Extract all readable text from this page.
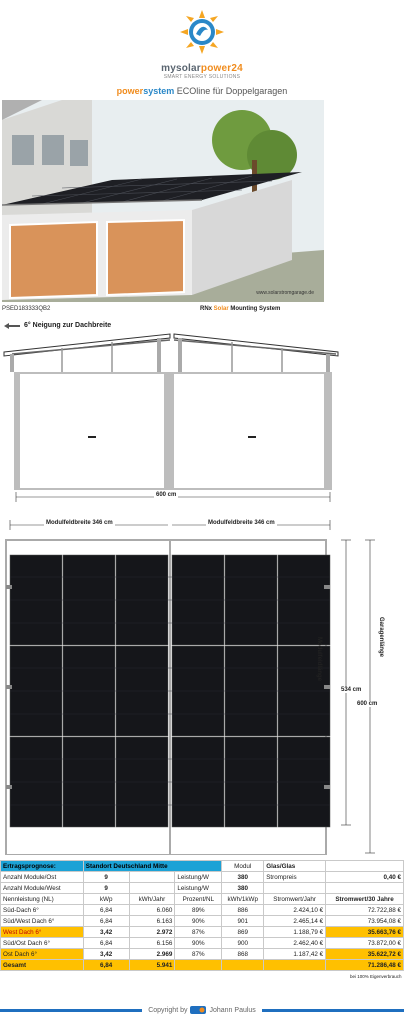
mysolarpower24
SMART ENERGY SOLUTIONS
powersystem ECOline für Doppelgaragen
www.solarstromgarage.de
PSED183333QB2	RNx Solar Mounting System
6° Neigung zur Dachbreite
600 cm
Modulfeldbreite 346 cm	Modulfeldbreite 346 cm
Modulfeldlänge
534 cm
Garagenlänge
600 cm
Ertragsprognose:	Standort Deutschland Mitte			Modul	Glas/Glas	
Anzahl Module/Ost	9		Leistung/W	380	Strompreis	0,40 €
Anzahl Module/West	9		Leistung/W	380		
Nennleistung (NL)	kWp	kWh/Jahr	Prozent/NL	kWh/1kWp	Stromwert/Jahr	Stromwert/30 Jahre
Süd-Dach 6°	6,84	6.060	89%	886	2.424,10 €	72.722,88 €
Süd/West Dach 6°	6,84	6.163	90%	901	2.465,14 €	73.954,08 €
West Dach 6°	3,42	2.972	87%	869	1.188,79 €	35.663,76 €
Süd/Ost Dach 6°	6,84	6.156	90%	900	2.462,40 €	73.872,00 €
Ost Dach 6°	3,42	2.969	87%	868	1.187,42 €	35.622,72 €
Gesamt	6,84	5.941				71.286,48 €
bei 100% Eigenverbrauch						
Copyright by	Johann Paulus
